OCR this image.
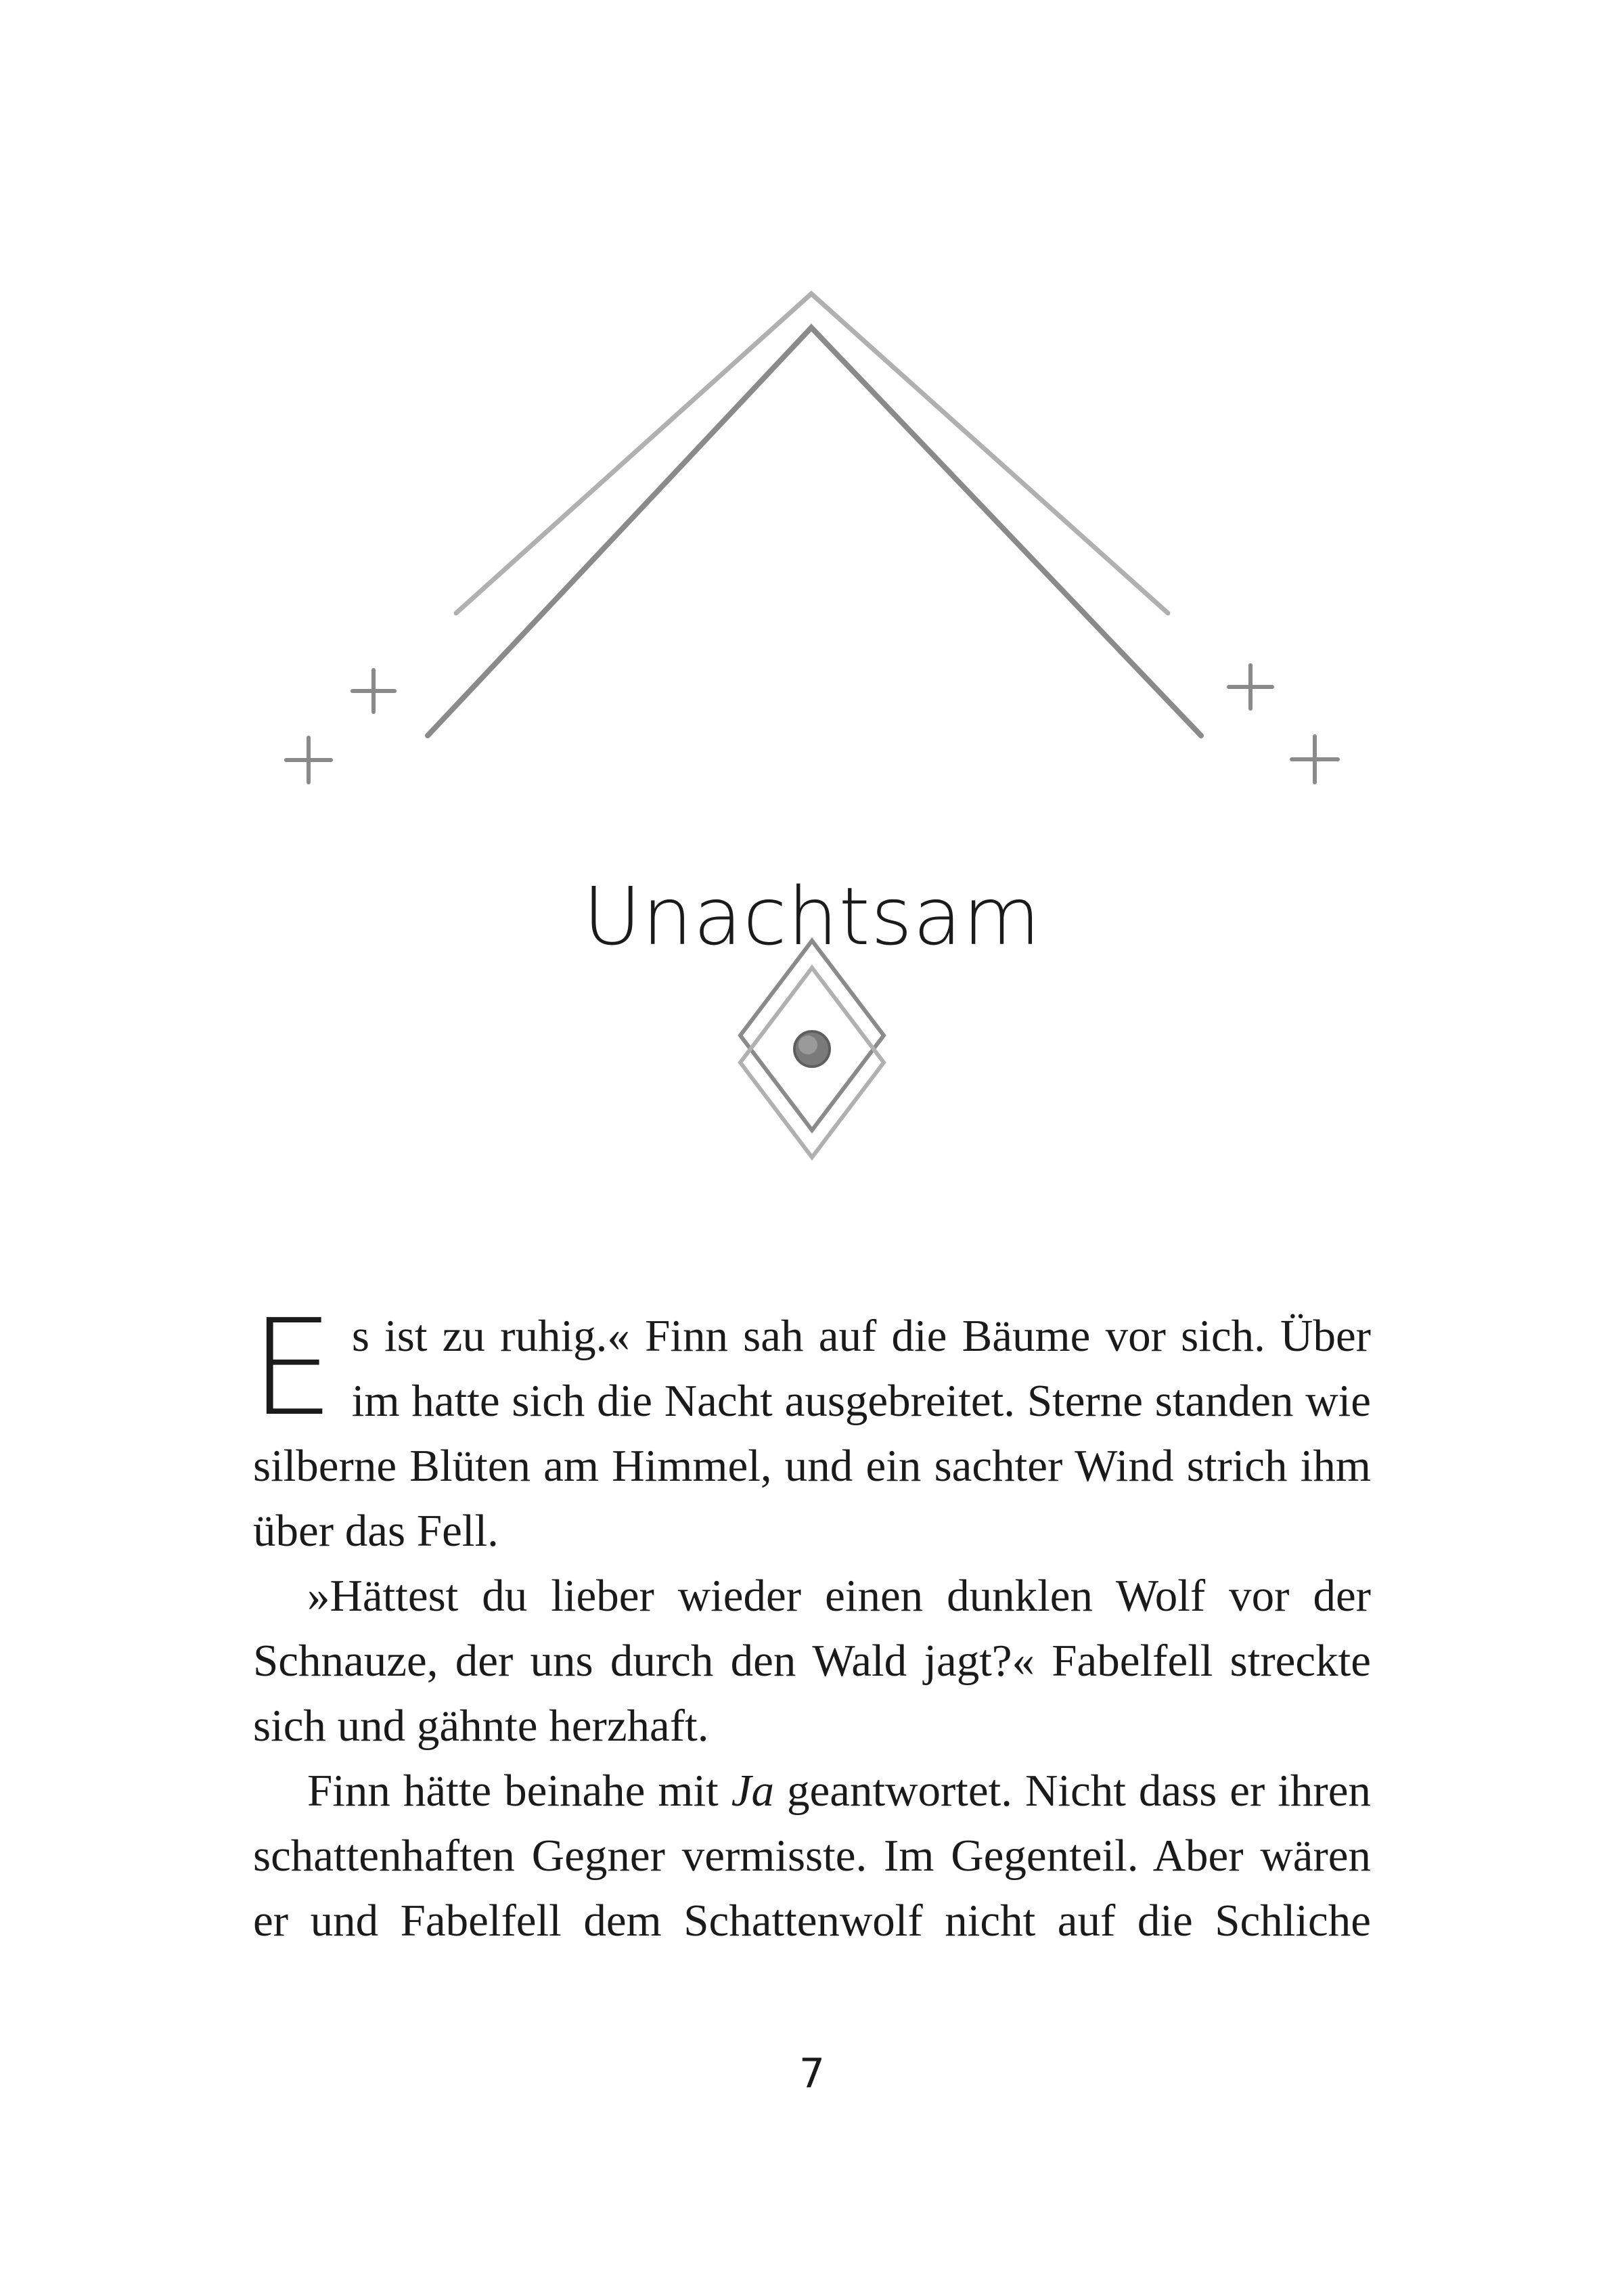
Unachtsam

Es ist zu ruhig.« Finn sah auf die Bäume vor sich. Über im hatte sich die Nacht ausgebreitet. Sterne standen wie silberne Blüten am Himmel, und ein sachter Wind strich ihm über das Fell.

»Hättest du lieber wieder einen dunklen Wolf vor der Schnauze, der uns durch den Wald jagt?« Fabelfell streckte sich und gähnte herzhaft.

Finn hätte beinahe mit Ja geantwortet. Nicht dass er ihren schattenhaften Gegner vermisste. Im Gegenteil. Aber wären er und Fabelfell dem Schattenwolf nicht auf die Schliche

7
